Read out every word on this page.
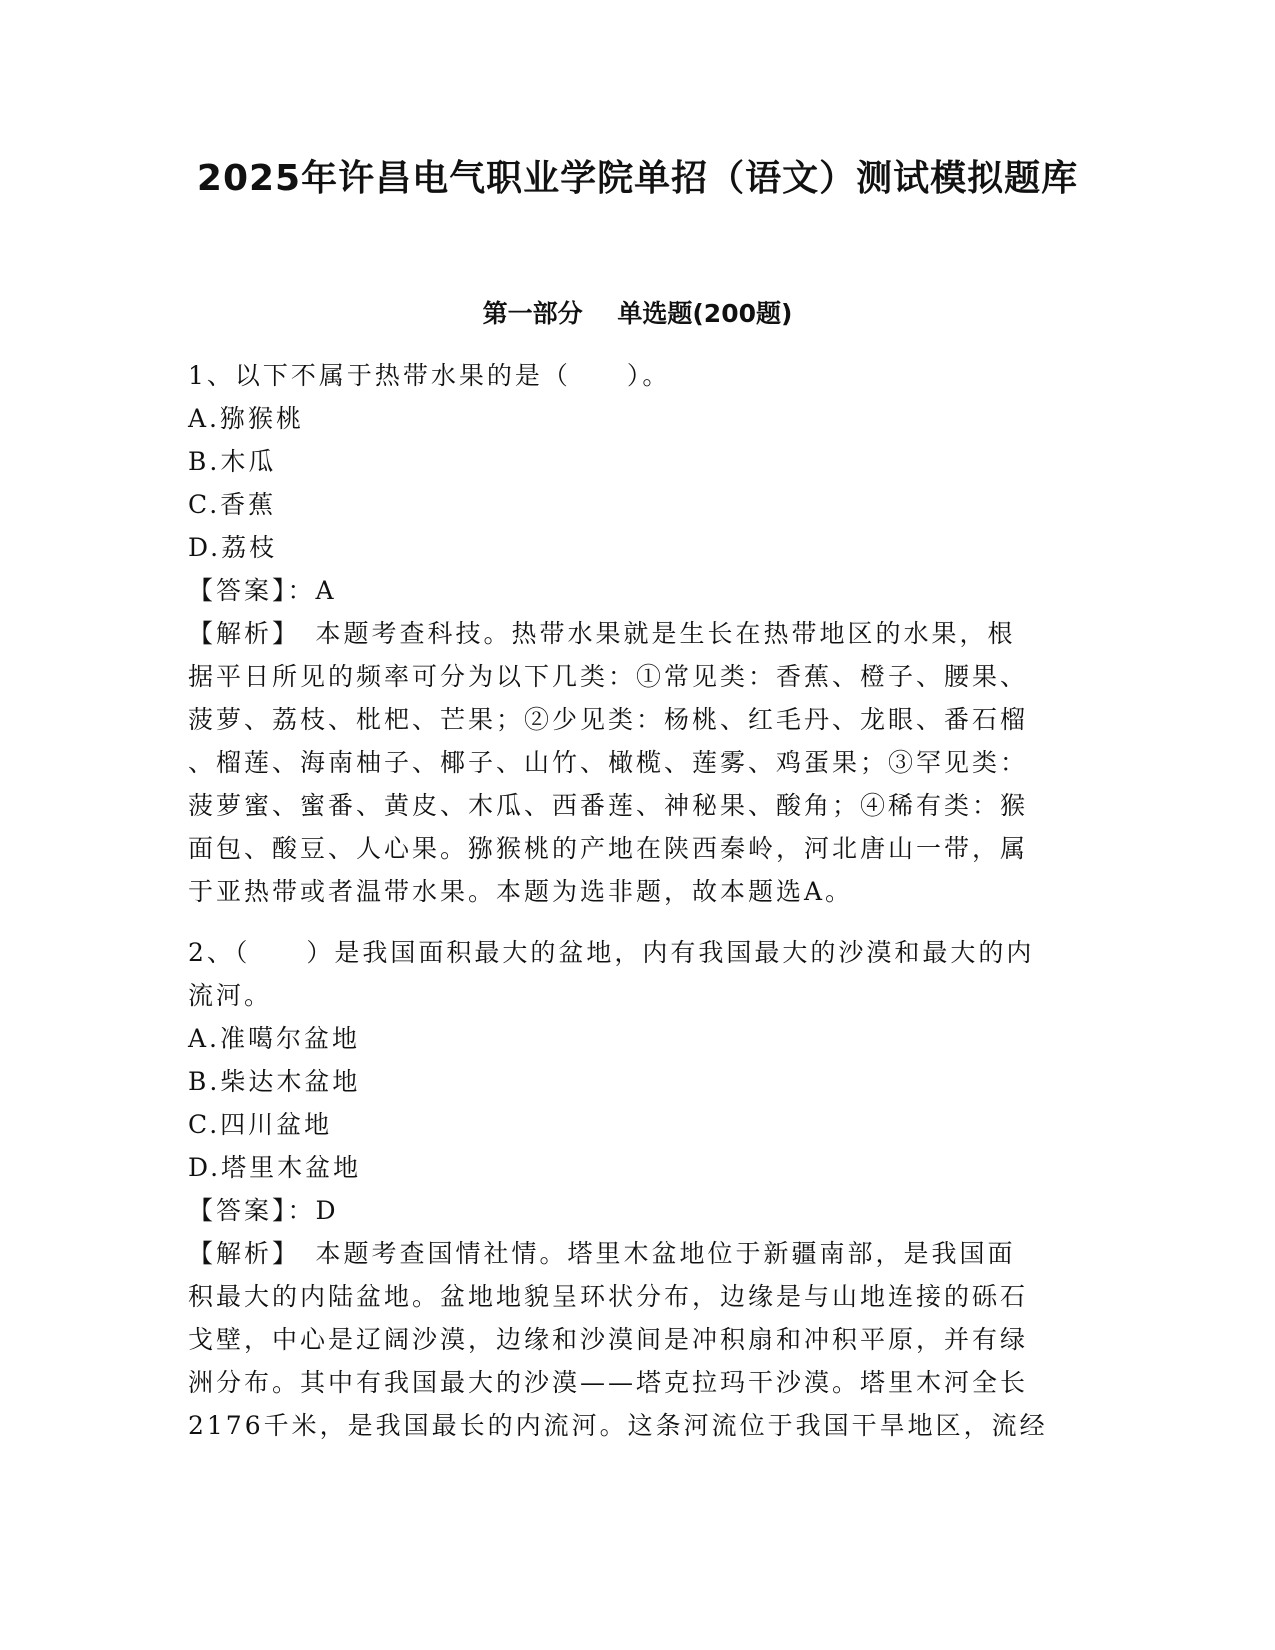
2025年许昌电气职业学院单招（语文）测试模拟题库
第一部分    单选题(200题)
1、以下不属于热带水果的是（　　）。
A.猕猴桃
B.木瓜
C.香蕉
D.荔枝
【答案】：A
【解析】　本题考查科技。热带水果就是生长在热带地区的水果，根
据平日所见的频率可分为以下几类：①常见类：香蕉、橙子、腰果、
菠萝、荔枝、枇杷、芒果；②少见类：杨桃、红毛丹、龙眼、番石榴
、榴莲、海南柚子、椰子、山竹、橄榄、莲雾、鸡蛋果；③罕见类：
菠萝蜜、蜜番、黄皮、木瓜、西番莲、神秘果、酸角；④稀有类：猴
面包、酸豆、人心果。猕猴桃的产地在陕西秦岭，河北唐山一带，属
于亚热带或者温带水果。本题为选非题，故本题选A。
2、（　　）是我国面积最大的盆地，内有我国最大的沙漠和最大的内
流河。
A.准噶尔盆地
B.柴达木盆地
C.四川盆地
D.塔里木盆地
【答案】：D
【解析】　本题考查国情社情。塔里木盆地位于新疆南部，是我国面
积最大的内陆盆地。盆地地貌呈环状分布，边缘是与山地连接的砾石
戈壁，中心是辽阔沙漠，边缘和沙漠间是冲积扇和冲积平原，并有绿
洲分布。其中有我国最大的沙漠——塔克拉玛干沙漠。塔里木河全长
2176千米，是我国最长的内流河。这条河流位于我国干旱地区，流经
